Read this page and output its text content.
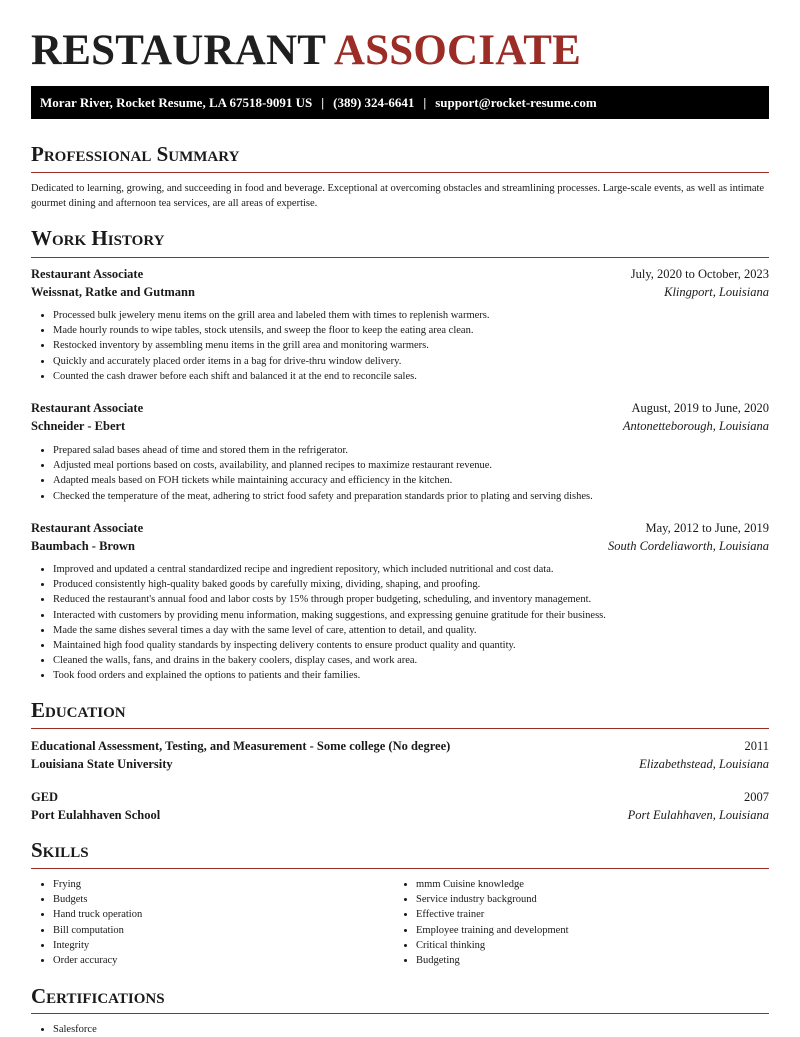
RESTAURANT ASSOCIATE
Morar River, Rocket Resume, LA 67518-9091 US | (389) 324-6641 | support@rocket-resume.com
Professional Summary

Dedicated to learning, growing, and succeeding in food and beverage. Exceptional at overcoming obstacles and streamlining processes. Large-scale events, as well as intimate gourmet dining and afternoon tea services, are all areas of expertise.

Work History
Restaurant Associate	July, 2020 to October, 2023
Weissnat, Ratke and Gutmann	Klingport, Louisiana
• Processed bulk jewelery menu items on the grill area and labeled them with times to replenish warmers.
• Made hourly rounds to wipe tables, stock utensils, and sweep the floor to keep the eating area clean.
• Restocked inventory by assembling menu items in the grill area and monitoring warmers.
• Quickly and accurately placed order items in a bag for drive-thru window delivery.
• Counted the cash drawer before each shift and balanced it at the end to reconcile sales.
Restaurant Associate	August, 2019 to June, 2020
Schneider - Ebert	Antonetteborough, Louisiana
• Prepared salad bases ahead of time and stored them in the refrigerator.
• Adjusted meal portions based on costs, availability, and planned recipes to maximize restaurant revenue.
• Adapted meals based on FOH tickets while maintaining accuracy and efficiency in the kitchen.
• Checked the temperature of the meat, adhering to strict food safety and preparation standards prior to plating and serving dishes.
Restaurant Associate	May, 2012 to June, 2019
Baumbach - Brown	South Cordeliaworth, Louisiana
• Improved and updated a central standardized recipe and ingredient repository, which included nutritional and cost data.
• Produced consistently high-quality baked goods by carefully mixing, dividing, shaping, and proofing.
• Reduced the restaurant's annual food and labor costs by 15% through proper budgeting, scheduling, and inventory management.
• Interacted with customers by providing menu information, making suggestions, and expressing genuine gratitude for their business.
• Made the same dishes several times a day with the same level of care, attention to detail, and quality.
• Maintained high food quality standards by inspecting delivery contents to ensure product quality and quantity.
• Cleaned the walls, fans, and drains in the bakery coolers, display cases, and work area.
• Took food orders and explained the options to patients and their families.
Education
Educational Assessment, Testing, and Measurement - Some college (No degree)	2011
Louisiana State University	Elizabethstead, Louisiana
GED	2007
Port Eulahhaven School	Port Eulahhaven, Louisiana
Skills
• Frying
• Budgets
• Hand truck operation
• Bill computation
• Integrity
• Order accuracy
• mmm Cuisine knowledge
• Service industry background
• Effective trainer
• Employee training and development
• Critical thinking
• Budgeting
Certifications
• Salesforce
